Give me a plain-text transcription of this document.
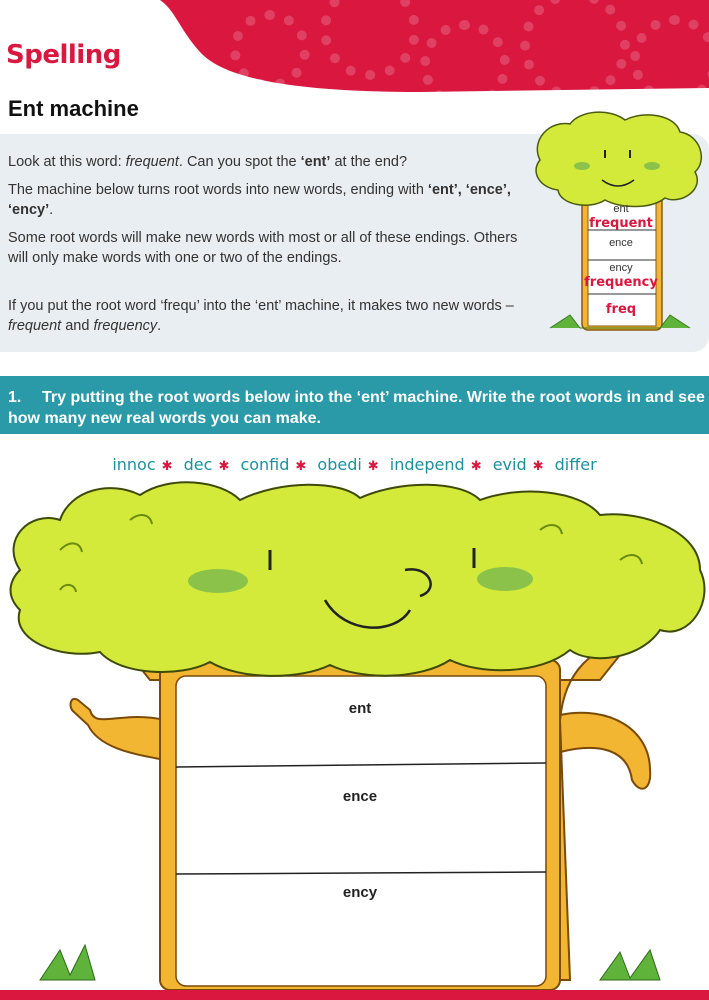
Spelling
Ent machine

Look at this word: frequent. Can you spot the ‘ent’ at the end?

The machine below turns root words into new words, ending with ‘ent’, ‘ence’, ‘ency’.

Some root words will make new words with most or all of these endings. Others will only make words with one or two of the endings.

If you put the root word ‘frequ’ into the ‘ent’ machine, it makes two new words – frequent and frequency.

ent
frequent
ence
ency
frequency
freq
1. Try putting the root words below into the ‘ent’ machine. Write the root words in and see how many new real words you can make.
innoc ✱ dec ✱ confid ✱ obedi ✱ independ ✱ evid ✱ differ
ent
ence
ency
